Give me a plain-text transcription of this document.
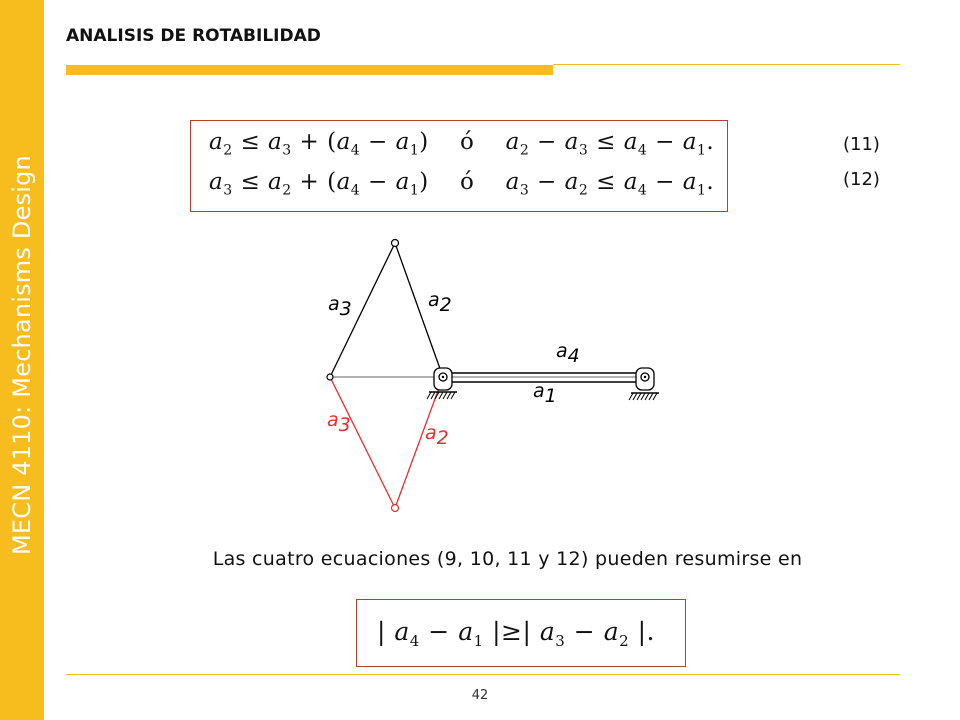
MECN 4110: Mechanisms Design
ANALISIS DE ROTABILIDAD
$a_2 \le a_3 + (a_4 - a_1)$ ó $a_2 - a_3 \le a_4 - a_1$.
$a_3 \le a_2 + (a_4 - a_1)$ ó $a_3 - a_2 \le a_4 - a_1$.
(11)
(12)
a3	a2
a4
a1
a3	a2
Las cuatro ecuaciones (9, 10, 11 y 12) pueden resumirse en
| $a_4 - a_1$ |≥| $a_3 - a_2$ |.
42
